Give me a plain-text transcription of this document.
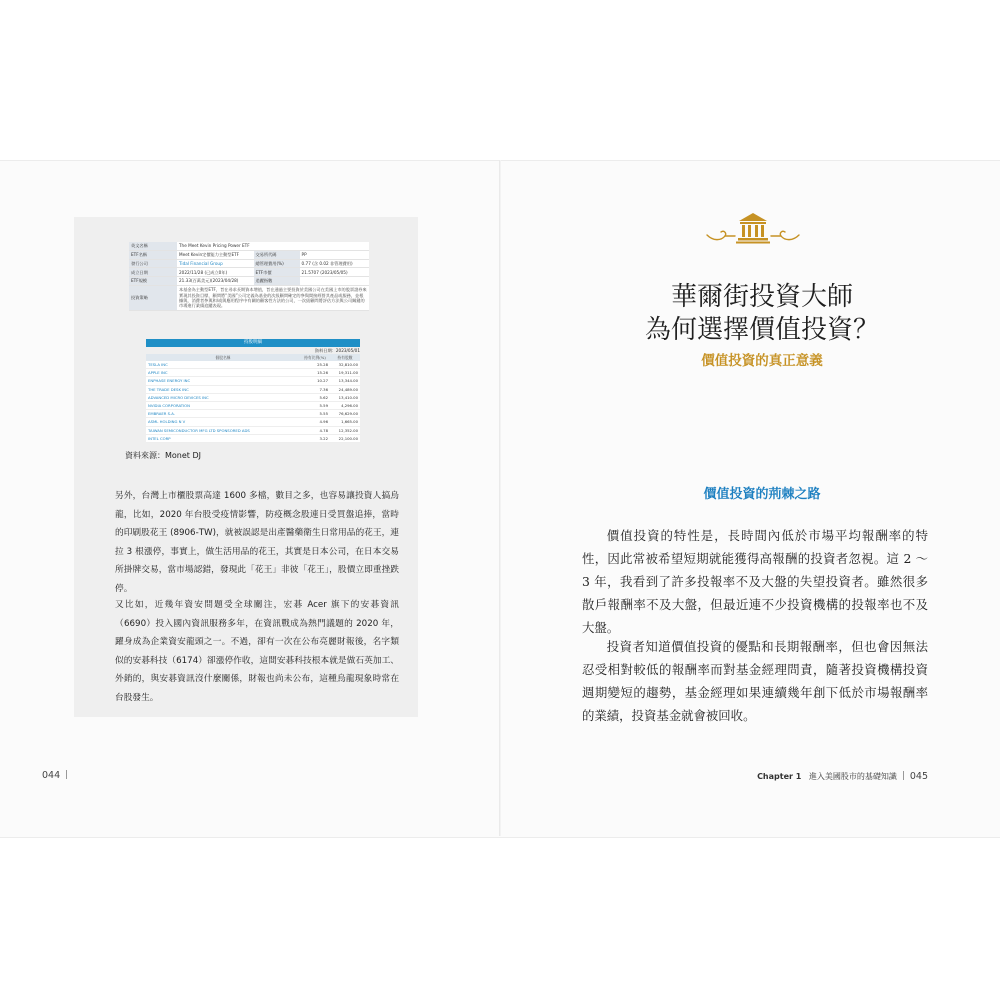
英文名稱	The Meet Kevin Pricing Power ETF		
ETF名稱	Meet Kevin定價能力主動型ETF	交易所代碼	PP
發行公司	Tidal Financial Group	總管理費用(%)	0.77 (含 0.02 非管理費用)
成立日期	2022/11/28 (已成立0年)	ETF市價	21.5707 (2023/05/05)
ETF規模	21.33(百萬美元)(2023/04/28)	追蹤指數	
投資策略	本基金為主動型ETF，旨在尋求長期資本增值，旨在通過主要投資於美國公司在美國上市的股票證券來實現其投資目標，顧問將“美國”公司定義為基金的次級顧問確定的參與間接經營其產品或服務，並根據與，消費者參與和/或與應用程序中有關的顧客性方法的公司，一次級顧問將評估方法與公司關鍵的市場進行業績追蹤表現。		
持股明細
資料日期：2023/05/01
個股名稱	持有比例(%)	持有股數
TESLA INC	25.28	32,810.00
APPLE INC	15.26	19,311.00
ENPHASE ENERGY INC	10.27	13,344.00
THE TRADE DESK INC	7.36	24,489.00
ADVANCED MICRO DEVICES INC	5.62	13,410.00
NVIDIA CORPORATION	5.59	4,296.00
EMBRAER S.A.	5.55	76,629.00
ASML HOLDING N V	4.96	1,665.00
TAIWAN SEMICONDUCTOR MFG LTD SPONSORED ADS	4.78	12,352.00
INTEL CORP	3.22	22,100.00
資料來源：Monet DJ

另外，台灣上市櫃股票高達 1600 多檔，數目之多，也容易讓投資人搞烏龍，比如，2020 年台股受疫情影響，防疫概念股連日受買盤追捧，當時的印刷股花王 (8906-TW)，就被誤認是出產醫藥衛生日常用品的花王，連拉 3 根漲停，事實上，做生活用品的花王，其實是日本公司，在日本交易所掛牌交易，當市場認錯，發現此「花王」非彼「花王」，股價立即重挫跌停。

又比如，近幾年資安問題受全球關注，宏碁 Acer 旗下的安碁資訊（6690）投入國內資訊服務多年，在資訊戰成為熱門議題的 2020 年，躍身成為企業資安龍頭之一。不過，卻有一次在公布亮麗財報後，名字類似的安碁科技（6174）卻漲停作收，這間安碁科技根本就是做石英加工、外銷的，與安碁資訊沒什麼關係，財報也尚未公布，這種烏龍現象時常在台股發生。

044
華爾街投資大師
為何選擇價值投資？
價值投資的真正意義
價值投資的荊棘之路

價值投資的特性是，長時間內低於市場平均報酬率的特性，因此常被希望短期就能獲得高報酬的投資者忽視。這 2 ～ 3 年，我看到了許多投報率不及大盤的失望投資者。雖然很多散戶報酬率不及大盤，但最近連不少投資機構的投報率也不及大盤。

投資者知道價值投資的優點和長期報酬率，但也會因無法忍受相對較低的報酬率而對基金經理問責，隨著投資機構投資週期變短的趨勢，基金經理如果連續幾年創下低於市場報酬率的業績，投資基金就會被回收。

Chapter 1 進入美國股市的基礎知識 045
